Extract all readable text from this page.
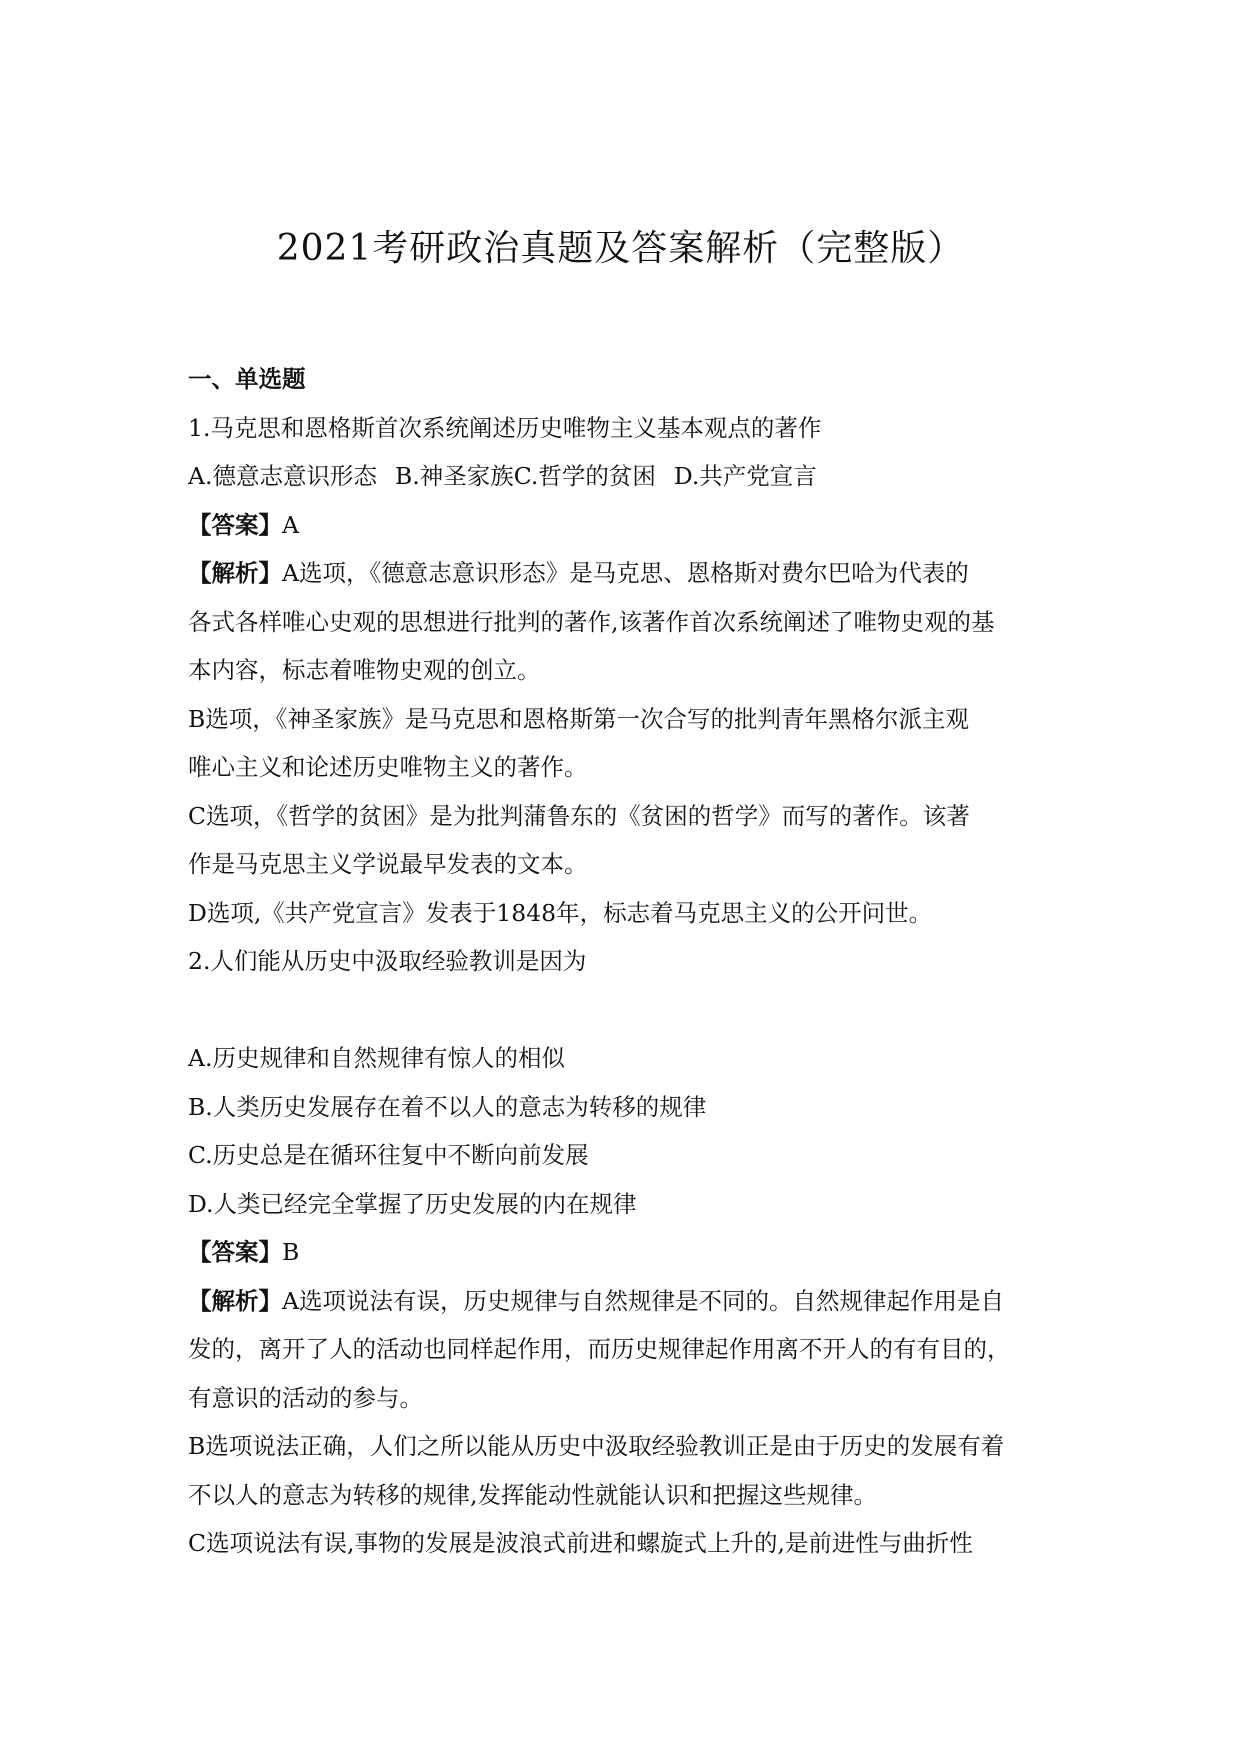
2021考研政治真题及答案解析（完整版）
一、单选题
1.马克思和恩格斯首次系统阐述历史唯物主义基本观点的著作
A.德意志意识形态 B.神圣家族C.哲学的贫困 D.共产党宣言
【答案】A
【解析】A选项，《德意志意识形态》是马克思、恩格斯对费尔巴哈为代表的
各式各样唯心史观的思想进行批判的著作,该著作首次系统阐述了唯物史观的基
本内容，标志着唯物史观的创立。
B选项，《神圣家族》是马克思和恩格斯第一次合写的批判青年黑格尔派主观
唯心主义和论述历史唯物主义的著作。
C选项，《哲学的贫困》是为批判蒲鲁东的《贫困的哲学》而写的著作。该著
作是马克思主义学说最早发表的文本。
D选项,《共产党宣言》发表于1848年，标志着马克思主义的公开问世。
2.人们能从历史中汲取经验教训是因为
A.历史规律和自然规律有惊人的相似
B.人类历史发展存在着不以人的意志为转移的规律
C.历史总是在循环往复中不断向前发展
D.人类已经完全掌握了历史发展的内在规律
【答案】B
【解析】A选项说法有误，历史规律与自然规律是不同的。自然规律起作用是自
发的，离开了人的活动也同样起作用，而历史规律起作用离不开人的有有目的，
有意识的活动的参与。
B选项说法正确，人们之所以能从历史中汲取经验教训正是由于历史的发展有着
不以人的意志为转移的规律,发挥能动性就能认识和把握这些规律。
C选项说法有误,事物的发展是波浪式前进和螺旋式上升的,是前进性与曲折性
